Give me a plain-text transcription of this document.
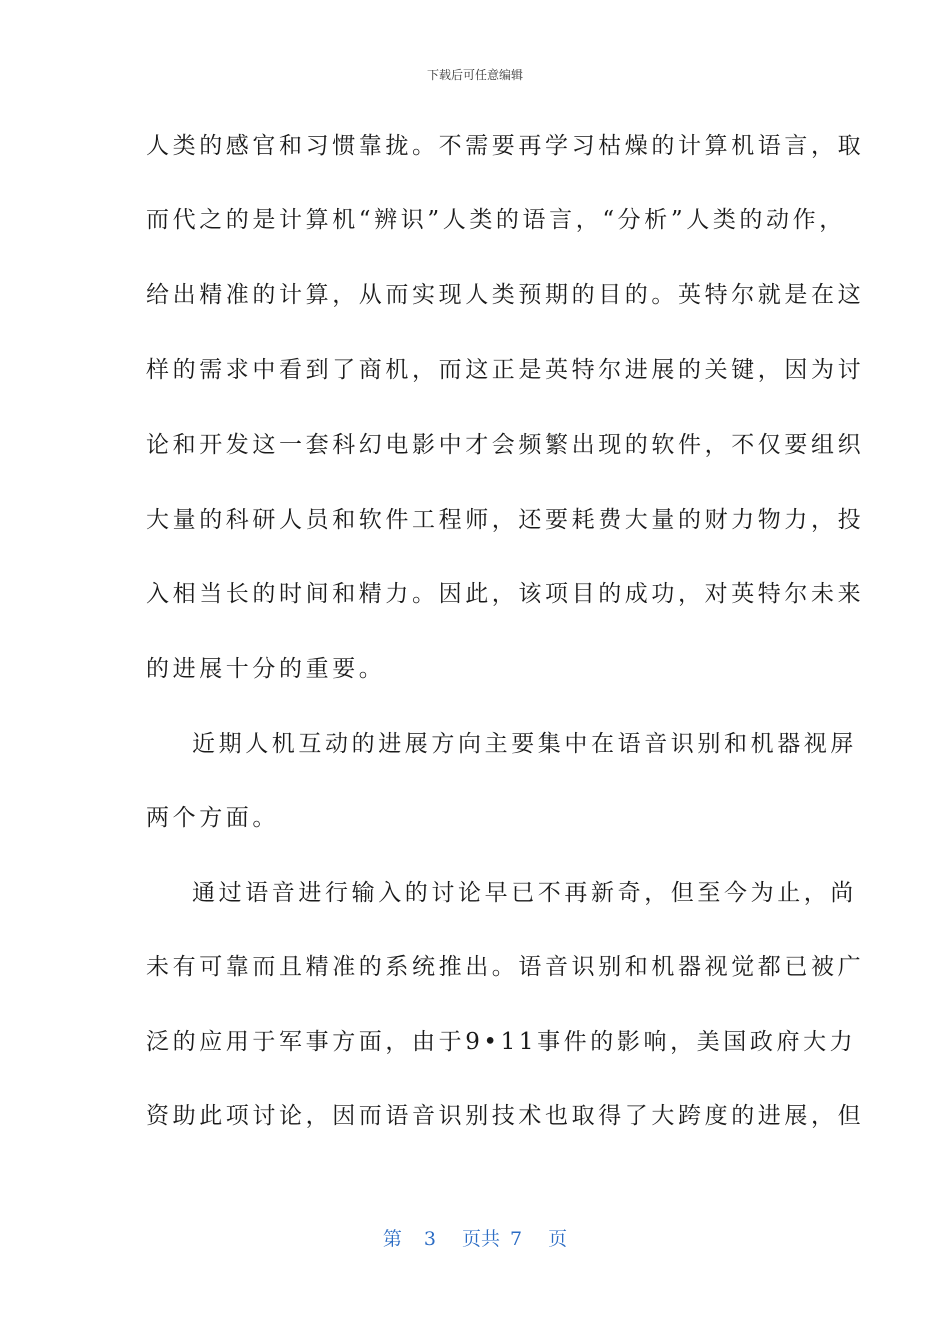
下载后可任意编辑
人类的感官和习惯靠拢。不需要再学习枯燥的计算机语言，取
而代之的是计算机“辨识”人类的语言，“分析”人类的动作，
给出精准的计算，从而实现人类预期的目的。英特尔就是在这
样的需求中看到了商机，而这正是英特尔进展的关键，因为讨
论和开发这一套科幻电影中才会频繁出现的软件，不仅要组织
大量的科研人员和软件工程师，还要耗费大量的财力物力，投
入相当长的时间和精力。因此，该项目的成功，对英特尔未来
的进展十分的重要。
近期人机互动的进展方向主要集中在语音识别和机器视屏
两个方面。
通过语音进行输入的讨论早已不再新奇，但至今为止，尚
未有可靠而且精准的系统推出。语音识别和机器视觉都已被广
泛的应用于军事方面，由于9•11事件的影响，美国政府大力
资助此项讨论，因而语音识别技术也取得了大跨度的进展，但
第 3 页共 7 页
